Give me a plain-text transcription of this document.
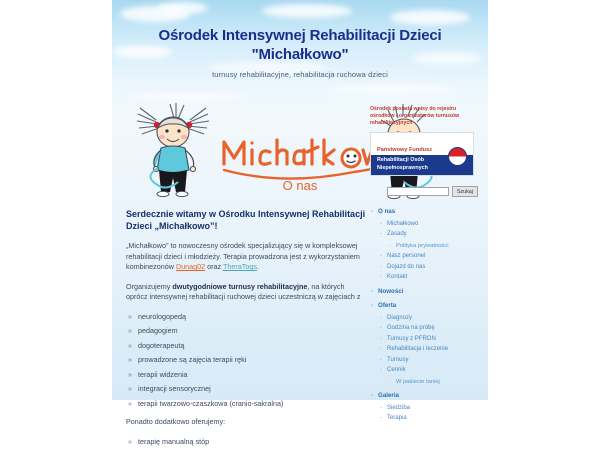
Ośrodek Intensywnej Rehabilitacji Dzieci
"Michałkowo"
turnusy rehabilitacyjne, rehabilitacja ruchowa dzieci
O nas
Serdecznie witamy w Ośrodku Intensywnej Rehabilitacji Dzieci „Michałkowo”!

„Michałkowo" to nowoczesny ośrodek specjalizujący się w kompleksowej rehabilitacji dzieci i młodzieży. Terapia prowadzona jest z wykorzystaniem kombinezonów Dunag02 oraz TheraTogs.

Organizujemy dwutygodniowe turnusy rehabilitacyjne, na których oprócz intensywnej rehabilitacji ruchowej dzieci uczestniczą w zajęciach z

» neurologopedą
» pedagogiem
» dogoterapeutą
» prowadzone są zajęcia terapii ręki
» terapii widzenia
» integracji sensorycznej
» terapii twarzowo-czaszkowa (cranio-sakralna)

Ponadto dodatkowo oferujemy:

» terapię manualną stóp
Ośrodek posiada wpisy do rejestru ośrodków i organizatorów turnusów rehabilitacyjnych
Państwowy Fundusz
Rehabilitacji Osób Niepełnosprawnych
Szukaj
- O nas
- Michałkowo
- Zasady
- Polityka prywatności
- Nasz personel
- Dojazd do nas
- Kontakt
- Nowości
- Oferta
- Diagnozy
- Godzina na próbę
- Turnusy z PFRON
- Rehabilitacja i leczenie
- Turnusy
- Cennik
- W pakiecie taniej
- Galeria
- Siedziba
- Terapia
